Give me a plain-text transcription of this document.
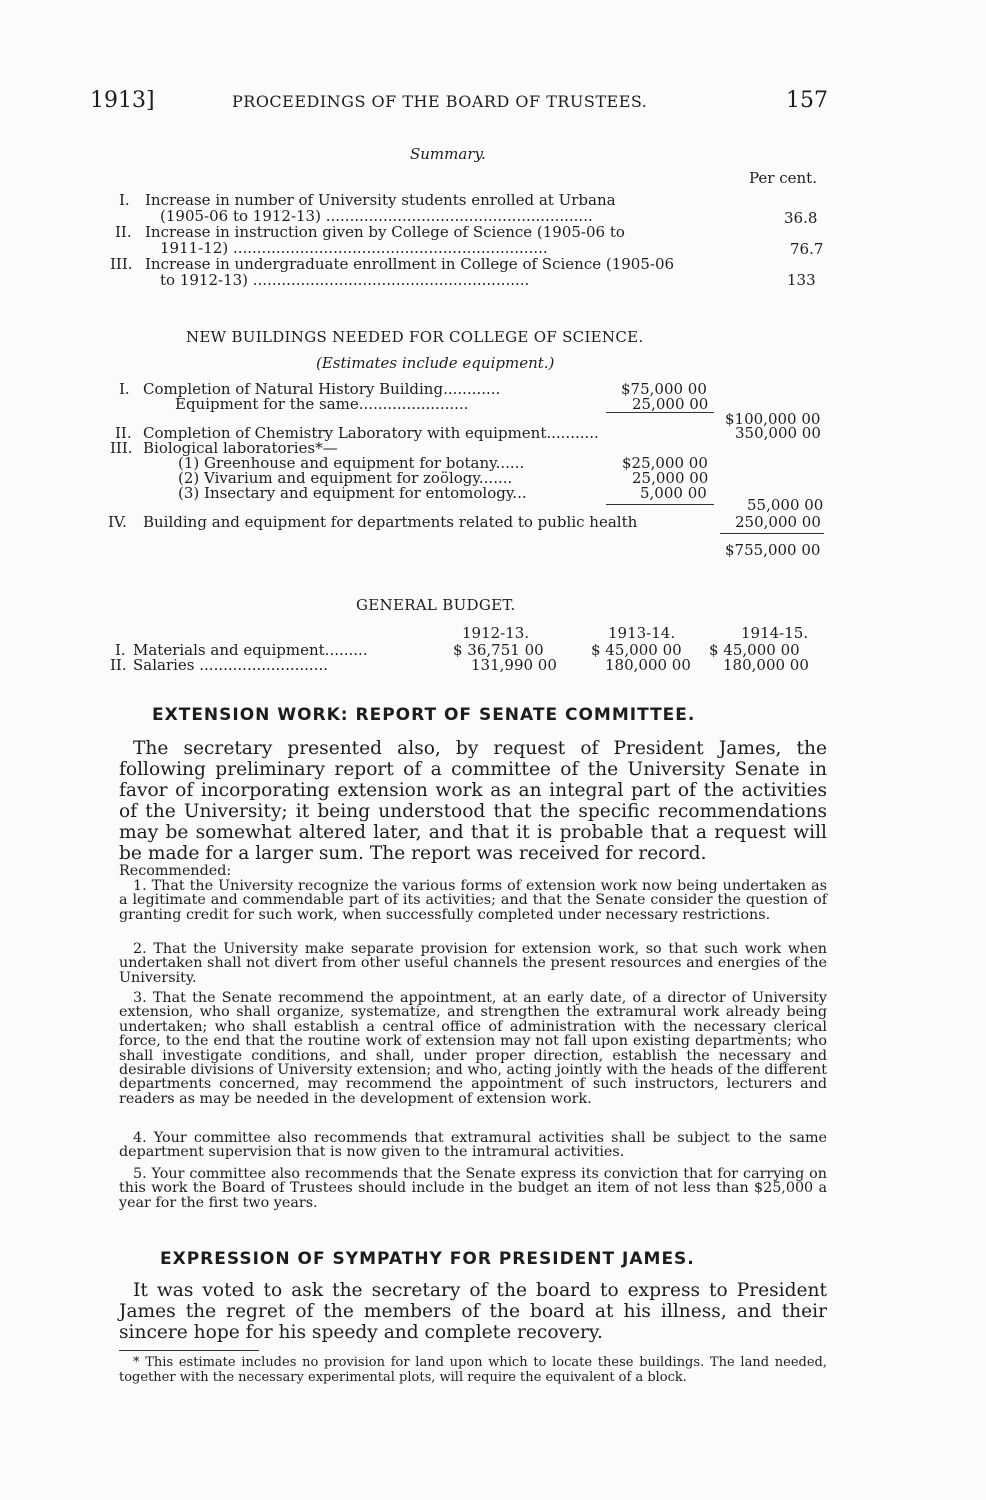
1913]	PROCEEDINGS OF THE BOARD OF TRUSTEES.	157
Summary.
Per cent.
I. Increase in number of University students enrolled at Urbana
(1905-06 to 1912-13) ........................................................	36.8
II. Increase in instruction given by College of Science (1905-06 to
1911-12) ..................................................................	76.7
III. Increase in undergraduate enrollment in College of Science (1905-06
to 1912-13) ..........................................................	133
NEW BUILDINGS NEEDED FOR COLLEGE OF SCIENCE.
(Estimates include equipment.)
I. Completion of Natural History Building............	$75,000 00
Equipment for the same.......................	25,000 00
$100,000 00
II. Completion of Chemistry Laboratory with equipment...........	350,000 00
III. Biological laboratories*—
(1) Greenhouse and equipment for botany......	$25,000 00
(2) Vivarium and equipment for zoölogy.......	25,000 00
(3) Insectary and equipment for entomology...	5,000 00
55,000 00
IV. Building and equipment for departments related to public health	250,000 00
$755,000 00
GENERAL BUDGET.
1912-13.	1913-14.	1914-15.
I. Materials and equipment.........	$ 36,751 00	$ 45,000 00 $ 45,000 00
II. Salaries ...........................	131,990 00	180,000 00 180,000 00
EXTENSION WORK: REPORT OF SENATE COMMITTEE.
The secretary presented also, by request of President James, the following preliminary report of a committee of the University Senate in favor of incorporating extension work as an integral part of the activities of the University; it being understood that the specific recommendations may be somewhat altered later, and that it is probable that a request will be made for a larger sum. The report was received for record.
Recommended:
1. That the University recognize the various forms of extension work now being undertaken as a legitimate and commendable part of its activities; and that the Senate consider the question of granting credit for such work, when successfully completed under necessary restrictions.
2. That the University make separate provision for extension work, so that such work when undertaken shall not divert from other useful channels the present resources and energies of the University.
3. That the Senate recommend the appointment, at an early date, of a director of University extension, who shall organize, systematize, and strengthen the extramural work already being undertaken; who shall establish a central office of administration with the necessary clerical force, to the end that the routine work of extension may not fall upon existing departments; who shall investigate conditions, and shall, under proper direction, establish the necessary and desirable divisions of University extension; and who, acting jointly with the heads of the different departments concerned, may recommend the appointment of such instructors, lecturers and readers as may be needed in the development of extension work.
4. Your committee also recommends that extramural activities shall be subject to the same department supervision that is now given to the intramural activities.
5. Your committee also recommends that the Senate express its conviction that for carrying on this work the Board of Trustees should include in the budget an item of not less than $25,000 a year for the first two years.
EXPRESSION OF SYMPATHY FOR PRESIDENT JAMES.
It was voted to ask the secretary of the board to express to President James the regret of the members of the board at his illness, and their sincere hope for his speedy and complete recovery.
* This estimate includes no provision for land upon which to locate these buildings. The land needed, together with the necessary experimental plots, will require the equivalent of a block.
